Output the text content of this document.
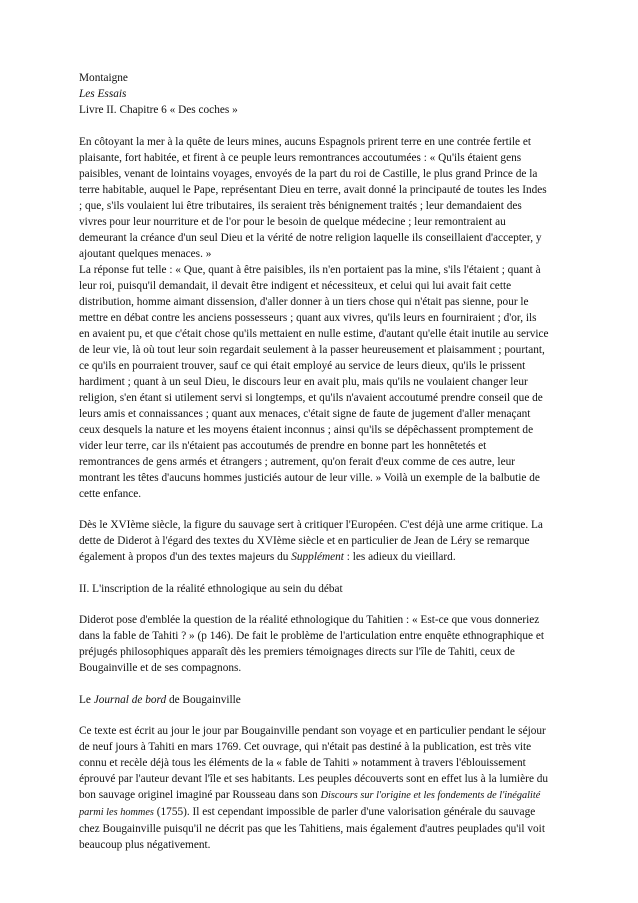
Montaigne

Les Essais

Livre II. Chapitre 6 « Des coches »

En côtoyant la mer à la quête de leurs mines, aucuns Espagnols prirent terre en une contrée fertile et plaisante, fort habitée, et firent à ce peuple leurs remontrances accoutumées : « Qu'ils étaient gens paisibles, venant de lointains voyages, envoyés de la part du roi de Castille, le plus grand Prince de la terre habitable, auquel le Pape, représentant Dieu en terre, avait donné la principauté de toutes les Indes ; que, s'ils voulaient lui être tributaires, ils seraient très bénignement traités ; leur demandaient des vivres pour leur nourriture et de l'or pour le besoin de quelque médecine ; leur remontraient au demeurant la créance d'un seul Dieu et la vérité de notre religion laquelle ils conseillaient d'accepter, y ajoutant quelques menaces. »

La réponse fut telle : « Que, quant à être paisibles, ils n'en portaient pas la mine, s'ils l'étaient ; quant à leur roi, puisqu'il demandait, il devait être indigent et nécessiteux, et celui qui lui avait fait cette distribution, homme aimant dissension, d'aller donner à un tiers chose qui n'était pas sienne, pour le mettre en débat contre les anciens possesseurs ; quant aux vivres, qu'ils leurs en fourniraient ; d'or, ils en avaient pu, et que c'était chose qu'ils mettaient en nulle estime, d'autant qu'elle était inutile au service de leur vie, là où tout leur soin regardait seulement à la passer heureusement et plaisamment ; pourtant, ce qu'ils en pourraient trouver, sauf ce qui était employé au service de leurs dieux, qu'ils le prissent hardiment ; quant à un seul Dieu, le discours leur en avait plu, mais qu'ils ne voulaient changer leur religion, s'en étant si utilement servi si longtemps, et qu'ils n'avaient accoutumé prendre conseil que de leurs amis et connaissances ; quant aux menaces, c'était signe de faute de jugement d'aller menaçant ceux desquels la nature et les moyens étaient inconnus ; ainsi qu'ils se dépêchassent promptement de vider leur terre, car ils n'étaient pas accoutumés de prendre en bonne part les honnêtetés et remontrances de gens armés et étrangers ; autrement, qu'on ferait d'eux comme de ces autre, leur montrant les têtes d'aucuns hommes justiciés autour de leur ville. » Voilà un exemple de la balbutie de cette enfance.

Dès le XVIème siècle, la figure du sauvage sert à critiquer l'Européen. C'est déjà une arme critique. La dette de Diderot à l'égard des textes du XVIème siècle et en particulier de Jean de Léry se remarque également à propos d'un des textes majeurs du Supplément : les adieux du vieillard.

II. L'inscription de la réalité ethnologique au sein du débat

Diderot pose d'emblée la question de la réalité ethnologique du Tahitien : « Est-ce que vous donneriez dans la fable de Tahiti ? » (p 146). De fait le problème de l'articulation entre enquête ethnographique et préjugés philosophiques apparaît dès les premiers témoignages directs sur l'île de Tahiti, ceux de Bougainville et de ses compagnons.

Le Journal de bord de Bougainville

Ce texte est écrit au jour le jour par Bougainville pendant son voyage et en particulier pendant le séjour de neuf jours à Tahiti en mars 1769. Cet ouvrage, qui n'était pas destiné à la publication, est très vite connu et recèle déjà tous les éléments de la « fable de Tahiti » notamment à travers l'éblouissement éprouvé par l'auteur devant l'île et ses habitants. Les peuples découverts sont en effet lus à la lumière du bon sauvage originel imaginé par Rousseau dans son Discours sur l'origine et les fondements de l'inégalité parmi les hommes (1755). Il est cependant impossible de parler d'une valorisation générale du sauvage chez Bougainville puisqu'il ne décrit pas que les Tahitiens, mais également d'autres peuplades qu'il voit beaucoup plus négativement.
